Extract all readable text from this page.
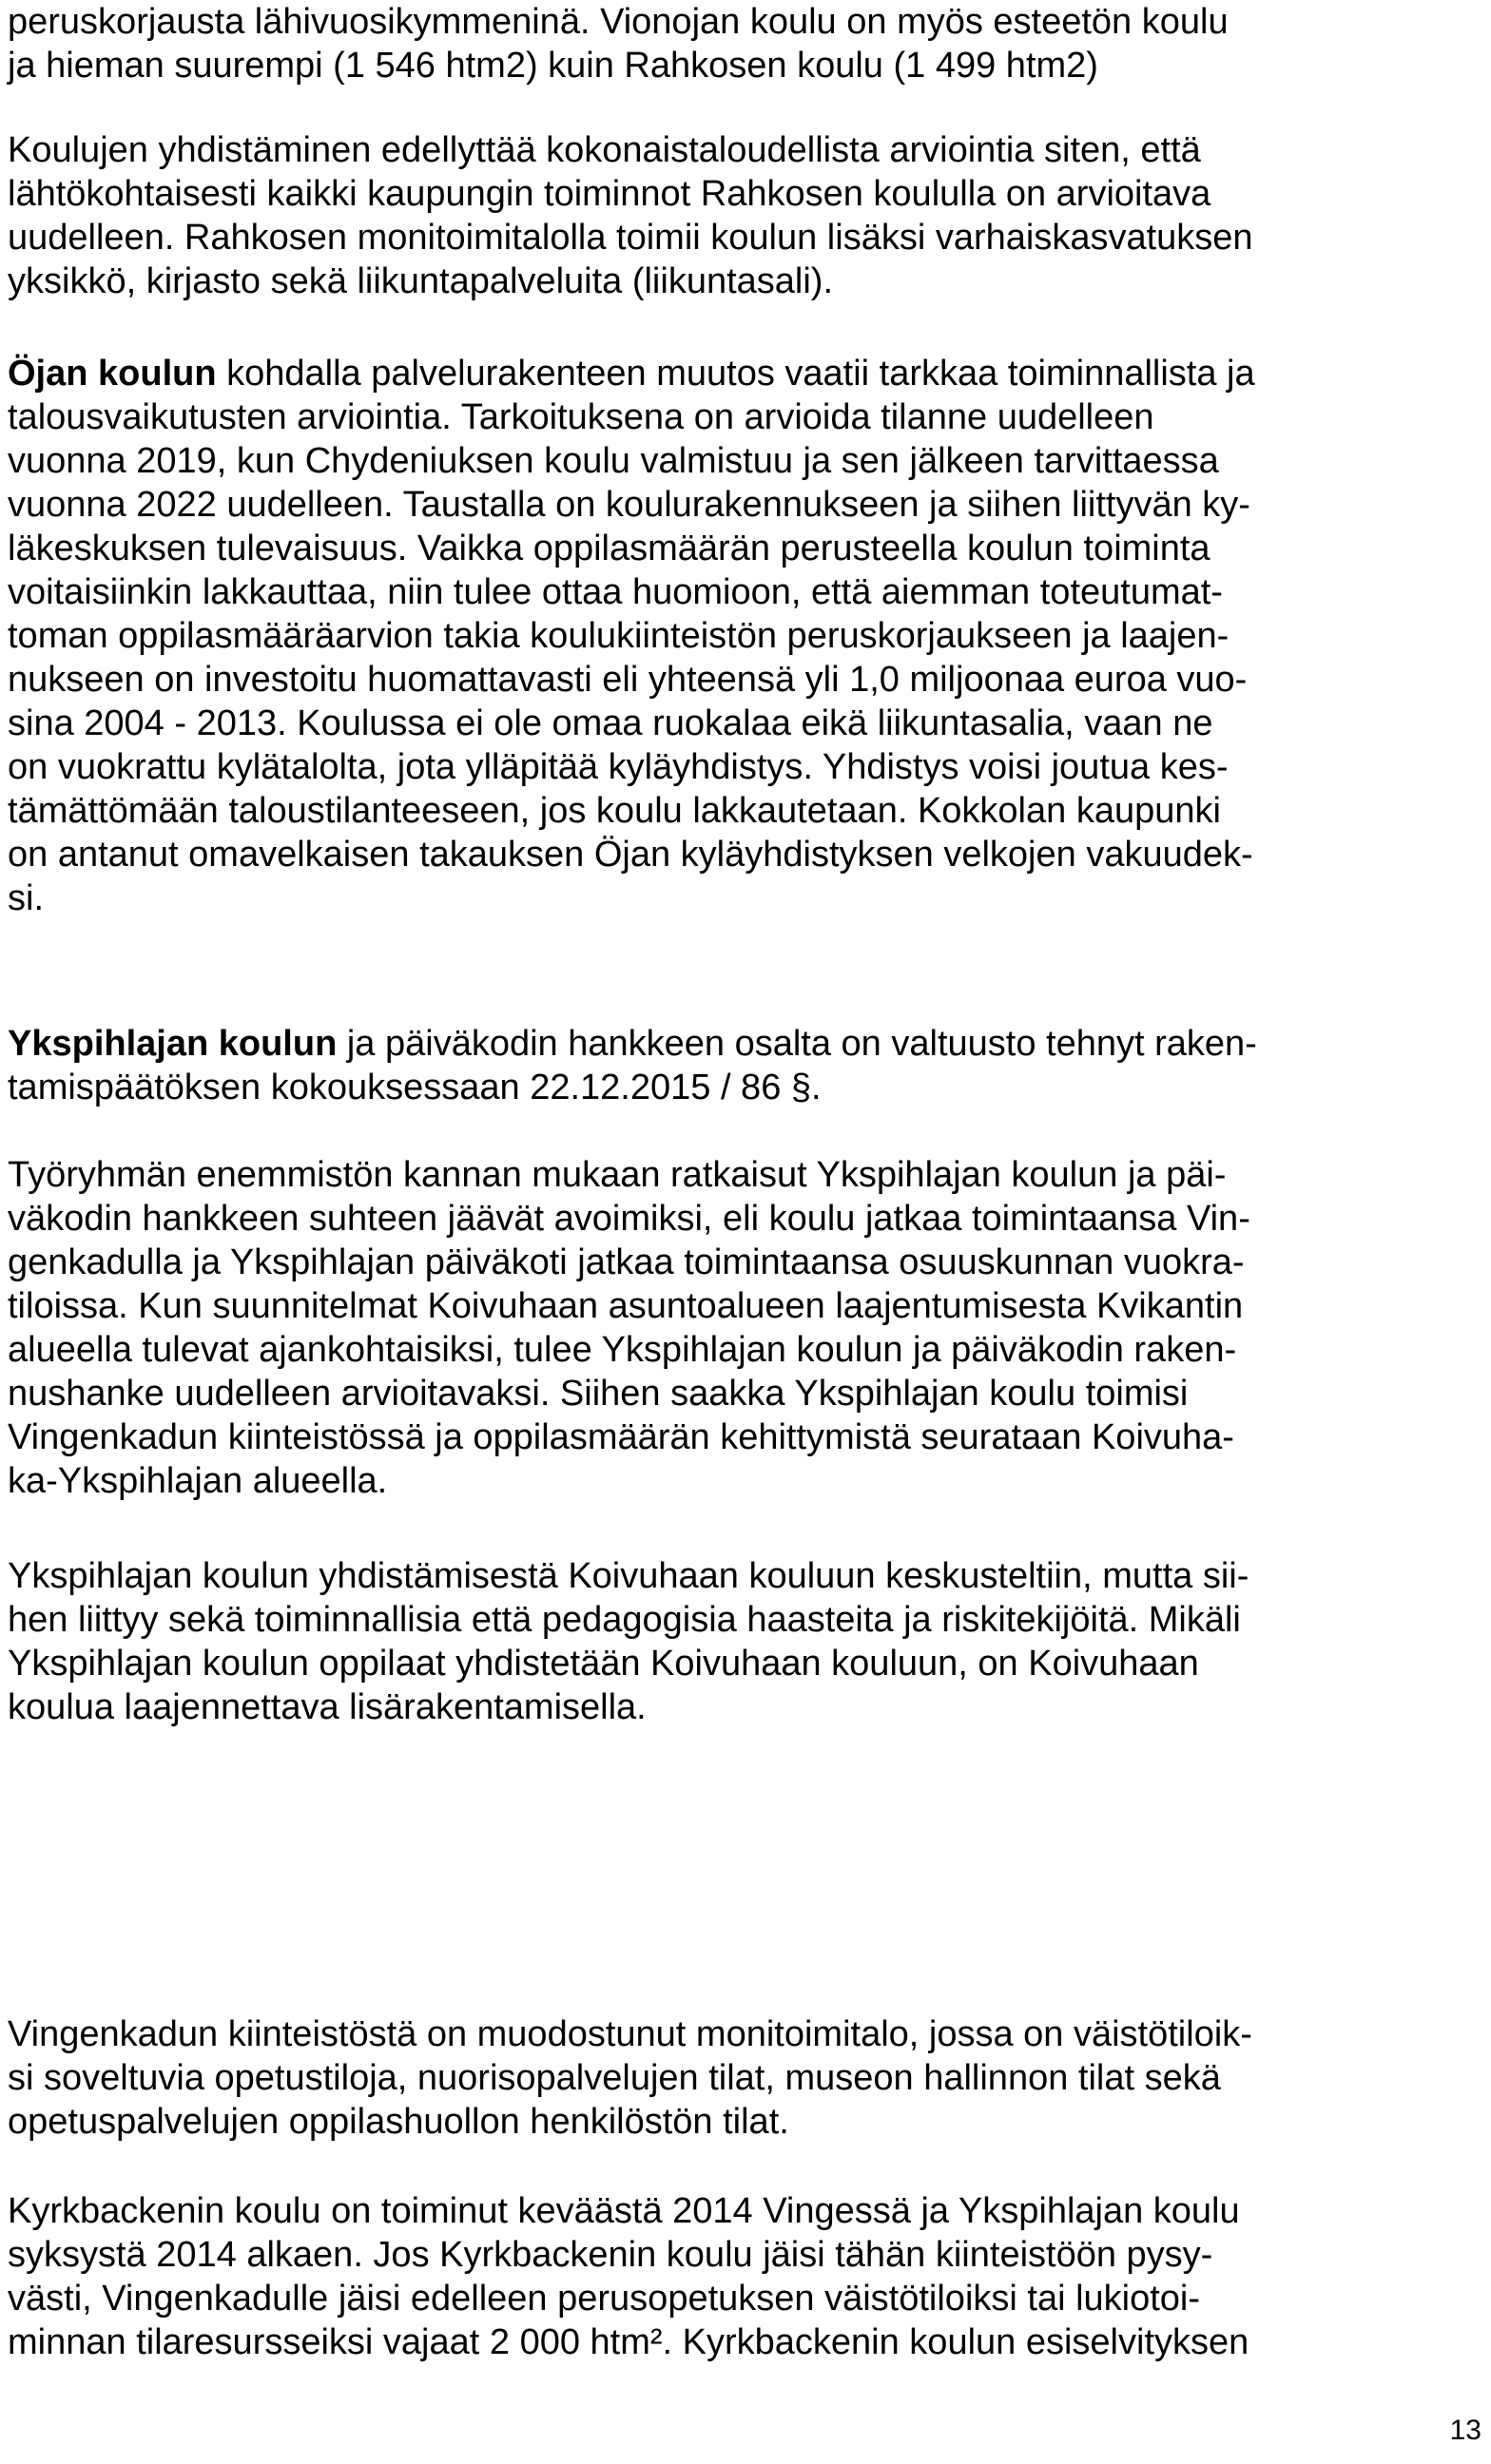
peruskorjausta lähivuosikymmeninä. Vionojan koulu on myös esteetön koulu
ja hieman suurempi (1 546 htm2) kuin Rahkosen koulu (1 499 htm2)

Koulujen yhdistäminen edellyttää kokonaistaloudellista arviointia siten, että
lähtökohtaisesti kaikki kaupungin toiminnot Rahkosen koululla on arvioitava
uudelleen. Rahkosen monitoimitalolla toimii koulun lisäksi varhaiskasvatuksen
yksikkö, kirjasto sekä liikuntapalveluita (liikuntasali).

Öjan koulun kohdalla palvelurakenteen muutos vaatii tarkkaa toiminnallista ja
talousvaikutusten arviointia. Tarkoituksena on arvioida tilanne uudelleen
vuonna 2019, kun Chydeniuksen koulu valmistuu ja sen jälkeen tarvittaessa
vuonna 2022 uudelleen. Taustalla on koulurakennukseen ja siihen liittyvän ky-
läkeskuksen tulevaisuus. Vaikka oppilasmäärän perusteella koulun toiminta
voitaisiinkin lakkauttaa, niin tulee ottaa huomioon, että aiemman toteutumat-
toman oppilasmääräarvion takia koulukiinteistön peruskorjaukseen ja laajen-
nukseen on investoitu huomattavasti eli yhteensä yli 1,0 miljoonaa euroa vuo-
sina 2004 - 2013. Koulussa ei ole omaa ruokalaa eikä liikuntasalia, vaan ne
on vuokrattu kylätalolta, jota ylläpitää kyläyhdistys. Yhdistys voisi joutua kes-
tämättömään taloustilanteeseen, jos koulu lakkautetaan. Kokkolan kaupunki
on antanut omavelkaisen takauksen Öjan kyläyhdistyksen velkojen vakuudek-
si.

Ykspihlajan koulun ja päiväkodin hankkeen osalta on valtuusto tehnyt raken-
tamispäätöksen kokouksessaan 22.12.2015 / 86 §.

Työryhmän enemmistön kannan mukaan ratkaisut Ykspihlajan koulun ja päi-
väkodin hankkeen suhteen jäävät avoimiksi, eli koulu jatkaa toimintaansa Vin-
genkadulla ja Ykspihlajan päiväkoti jatkaa toimintaansa osuuskunnan vuokra-
tiloissa. Kun suunnitelmat Koivuhaan asuntoalueen laajentumisesta Kvikantin
alueella tulevat ajankohtaisiksi, tulee Ykspihlajan koulun ja päiväkodin raken-
nushanke uudelleen arvioitavaksi. Siihen saakka Ykspihlajan koulu toimisi
Vingenkadun kiinteistössä ja oppilasmäärän kehittymistä seurataan Koivuha-
ka-Ykspihlajan alueella.

Ykspihlajan koulun yhdistämisestä Koivuhaan kouluun keskusteltiin, mutta sii-
hen liittyy sekä toiminnallisia että pedagogisia haasteita ja riskitekijöitä. Mikäli
Ykspihlajan koulun oppilaat yhdistetään Koivuhaan kouluun, on Koivuhaan
koulua laajennettava lisärakentamisella.

Vingenkadun kiinteistöstä on muodostunut monitoimitalo, jossa on väistötiloik-
si soveltuvia opetustiloja, nuorisopalvelujen tilat, museon hallinnon tilat sekä
opetuspalvelujen oppilashuollon henkilöstön tilat.

Kyrkbackenin koulu on toiminut keväästä 2014 Vingessä ja Ykspihlajan koulu
syksystä 2014 alkaen. Jos Kyrkbackenin koulu jäisi tähän kiinteistöön pysy-
västi, Vingenkadulle jäisi edelleen perusopetuksen väistötiloiksi tai lukiotoi-
minnan tilaresursseiksi vajaat 2 000 htm². Kyrkbackenin koulun esiselvityksen

13
